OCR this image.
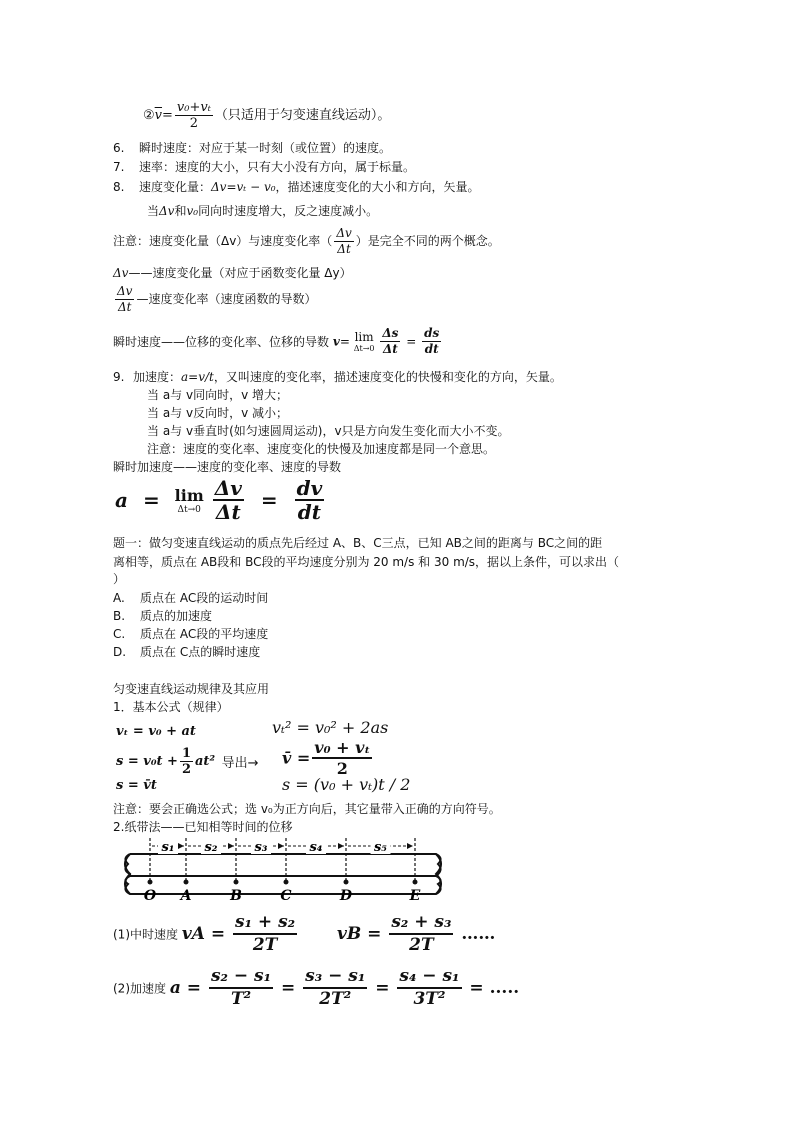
$②\overline{v}= \frac{\text{v₀+vₜ}}{2}$ （只适用于匀变速直线运动）。
6. 瞬时速度：对应于某一时刻（或位置）的速度。
7. 速率：速度的大小，只有大小没有方向，属于标量。
8. 速度变化量：Δv=vₜ − v₀，描述速度变化的大小和方向，矢量。
当Δv和v₀同向时速度增大，反之速度减小。
注意：速度变化量（Δv）与速度变化率（ $\frac{\Delta v}{\Delta t}$ ）是完全不同的两个概念。
Δv——速度变化量（对应于函数变化量 Δy）
$\frac{\Delta v}{\Delta t}$ —速度变化率（速度函数的导数）
瞬时速度——位移的变化率、位移的导数 v= lim
Δt→0
$\frac{\Delta s}{\Delta t} = \frac{ds}{dt}$
9. 加速度：a=v/t，又叫速度的变化率，描述速度变化的快慢和变化的方向，矢量。
当 a与 v同向时，v 增大；
当 a与 v反向时，v 减小；
当 a与 v垂直时(如匀速圆周运动)，v只是方向发生变化而大小不变。
注意：速度的变化率、速度变化的快慢及加速度都是同一个意思。
瞬时加速度——速度的变化率、速度的导数
a = lim
Δt→0
$\frac{\Delta v}{\Delta t} = \frac{dv}{dt}$
题一：做匀变速直线运动的质点先后经过 A、B、C三点，已知 AB之间的距离与 BC之间的距
离相等，质点在 AB段和 BC段的平均速度分别为 20 m/s 和 30 m/s，据以上条件，可以求出（
）
A. 质点在 AC段的运动时间
B. 质点的加速度
C. 质点在 AC段的平均速度
D. 质点在 C点的瞬时速度
匀变速直线运动规律及其应用
1．基本公式（规律）
vₜ = v₀ + at
$s = v_0t + \frac{1}{2} at^2$ 导出→
s = v̄t
vₜ² = v₀² + 2as
v̄ = $\frac{\text{v₀ + vₜ}}{2}$
s = (v₀ + vₜ)t / 2
注意：要会正确选公式；选 v₀为正方向后，其它量带入正确的方向符号。
2.纸带法——已知相等时间的位移
s₁ s₂	s₃	s₄	s₅
O A	B	C	D	E
(1)中时速度 vA = $\frac{\text{s₁ + s₂}}{2T}$ vB = $\frac{\text{s₂ + s₃}}{2T}$ ……
(2)加速度 $a = \frac{\text{s₂ − s₁}}{\text{T²}} = \frac{\text{s₃ − s₁}}{\text{2T²}} = \frac{\text{s₄ − s₁}}{\text{3T²}}$ = .....
